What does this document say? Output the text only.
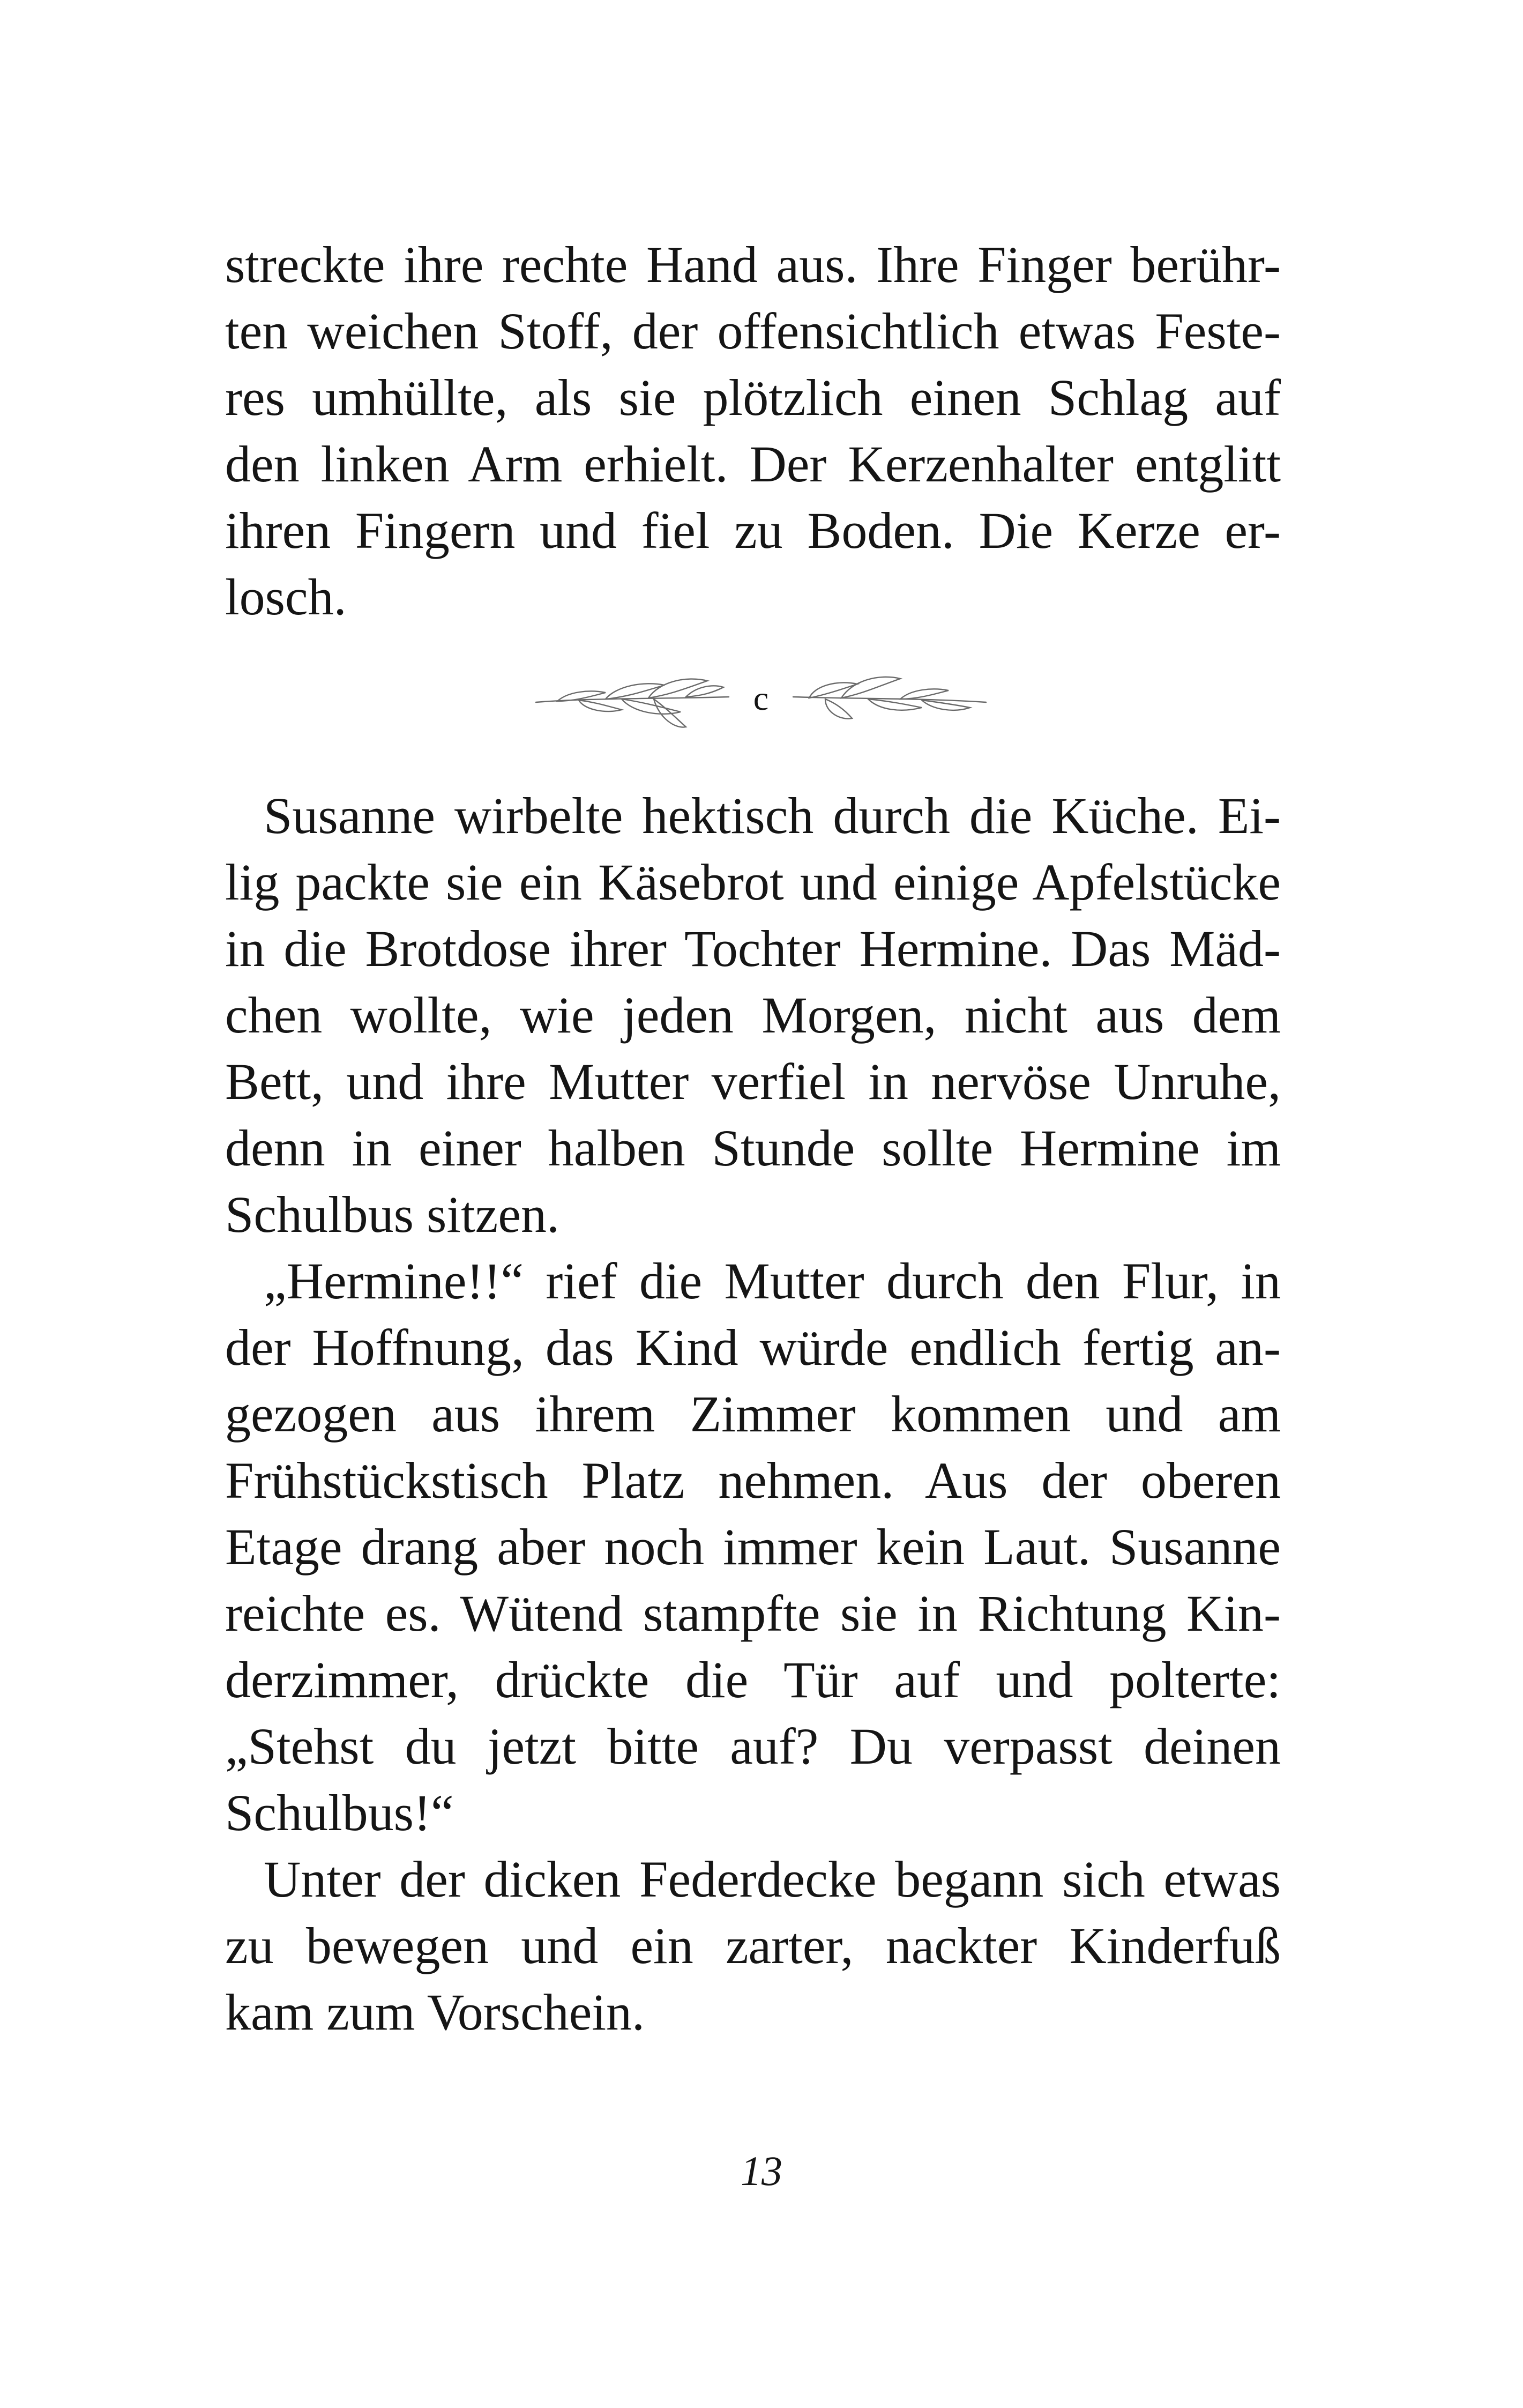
streckte ihre rechte Hand aus. Ihre Finger berühr-
ten weichen Stoff, der offensichtlich etwas Feste-
res umhüllte, als sie plötzlich einen Schlag auf
den linken Arm erhielt. Der Kerzenhalter entglitt
ihren Fingern und fiel zu Boden. Die Kerze er-
losch.
c
Susanne wirbelte hektisch durch die Küche. Ei-
lig packte sie ein Käsebrot und einige Apfelstücke
in die Brotdose ihrer Tochter Hermine. Das Mäd-
chen wollte, wie jeden Morgen, nicht aus dem
Bett, und ihre Mutter verfiel in nervöse Unruhe,
denn in einer halben Stunde sollte Hermine im
Schulbus sitzen.
„Hermine!!“ rief die Mutter durch den Flur, in
der Hoffnung, das Kind würde endlich fertig an-
gezogen aus ihrem Zimmer kommen und am
Frühstückstisch Platz nehmen. Aus der oberen
Etage drang aber noch immer kein Laut. Susanne
reichte es. Wütend stampfte sie in Richtung Kin-
derzimmer, drückte die Tür auf und polterte:
„Stehst du jetzt bitte auf? Du verpasst deinen
Schulbus!“
Unter der dicken Federdecke begann sich etwas
zu bewegen und ein zarter, nackter Kinderfuß
kam zum Vorschein.
13
